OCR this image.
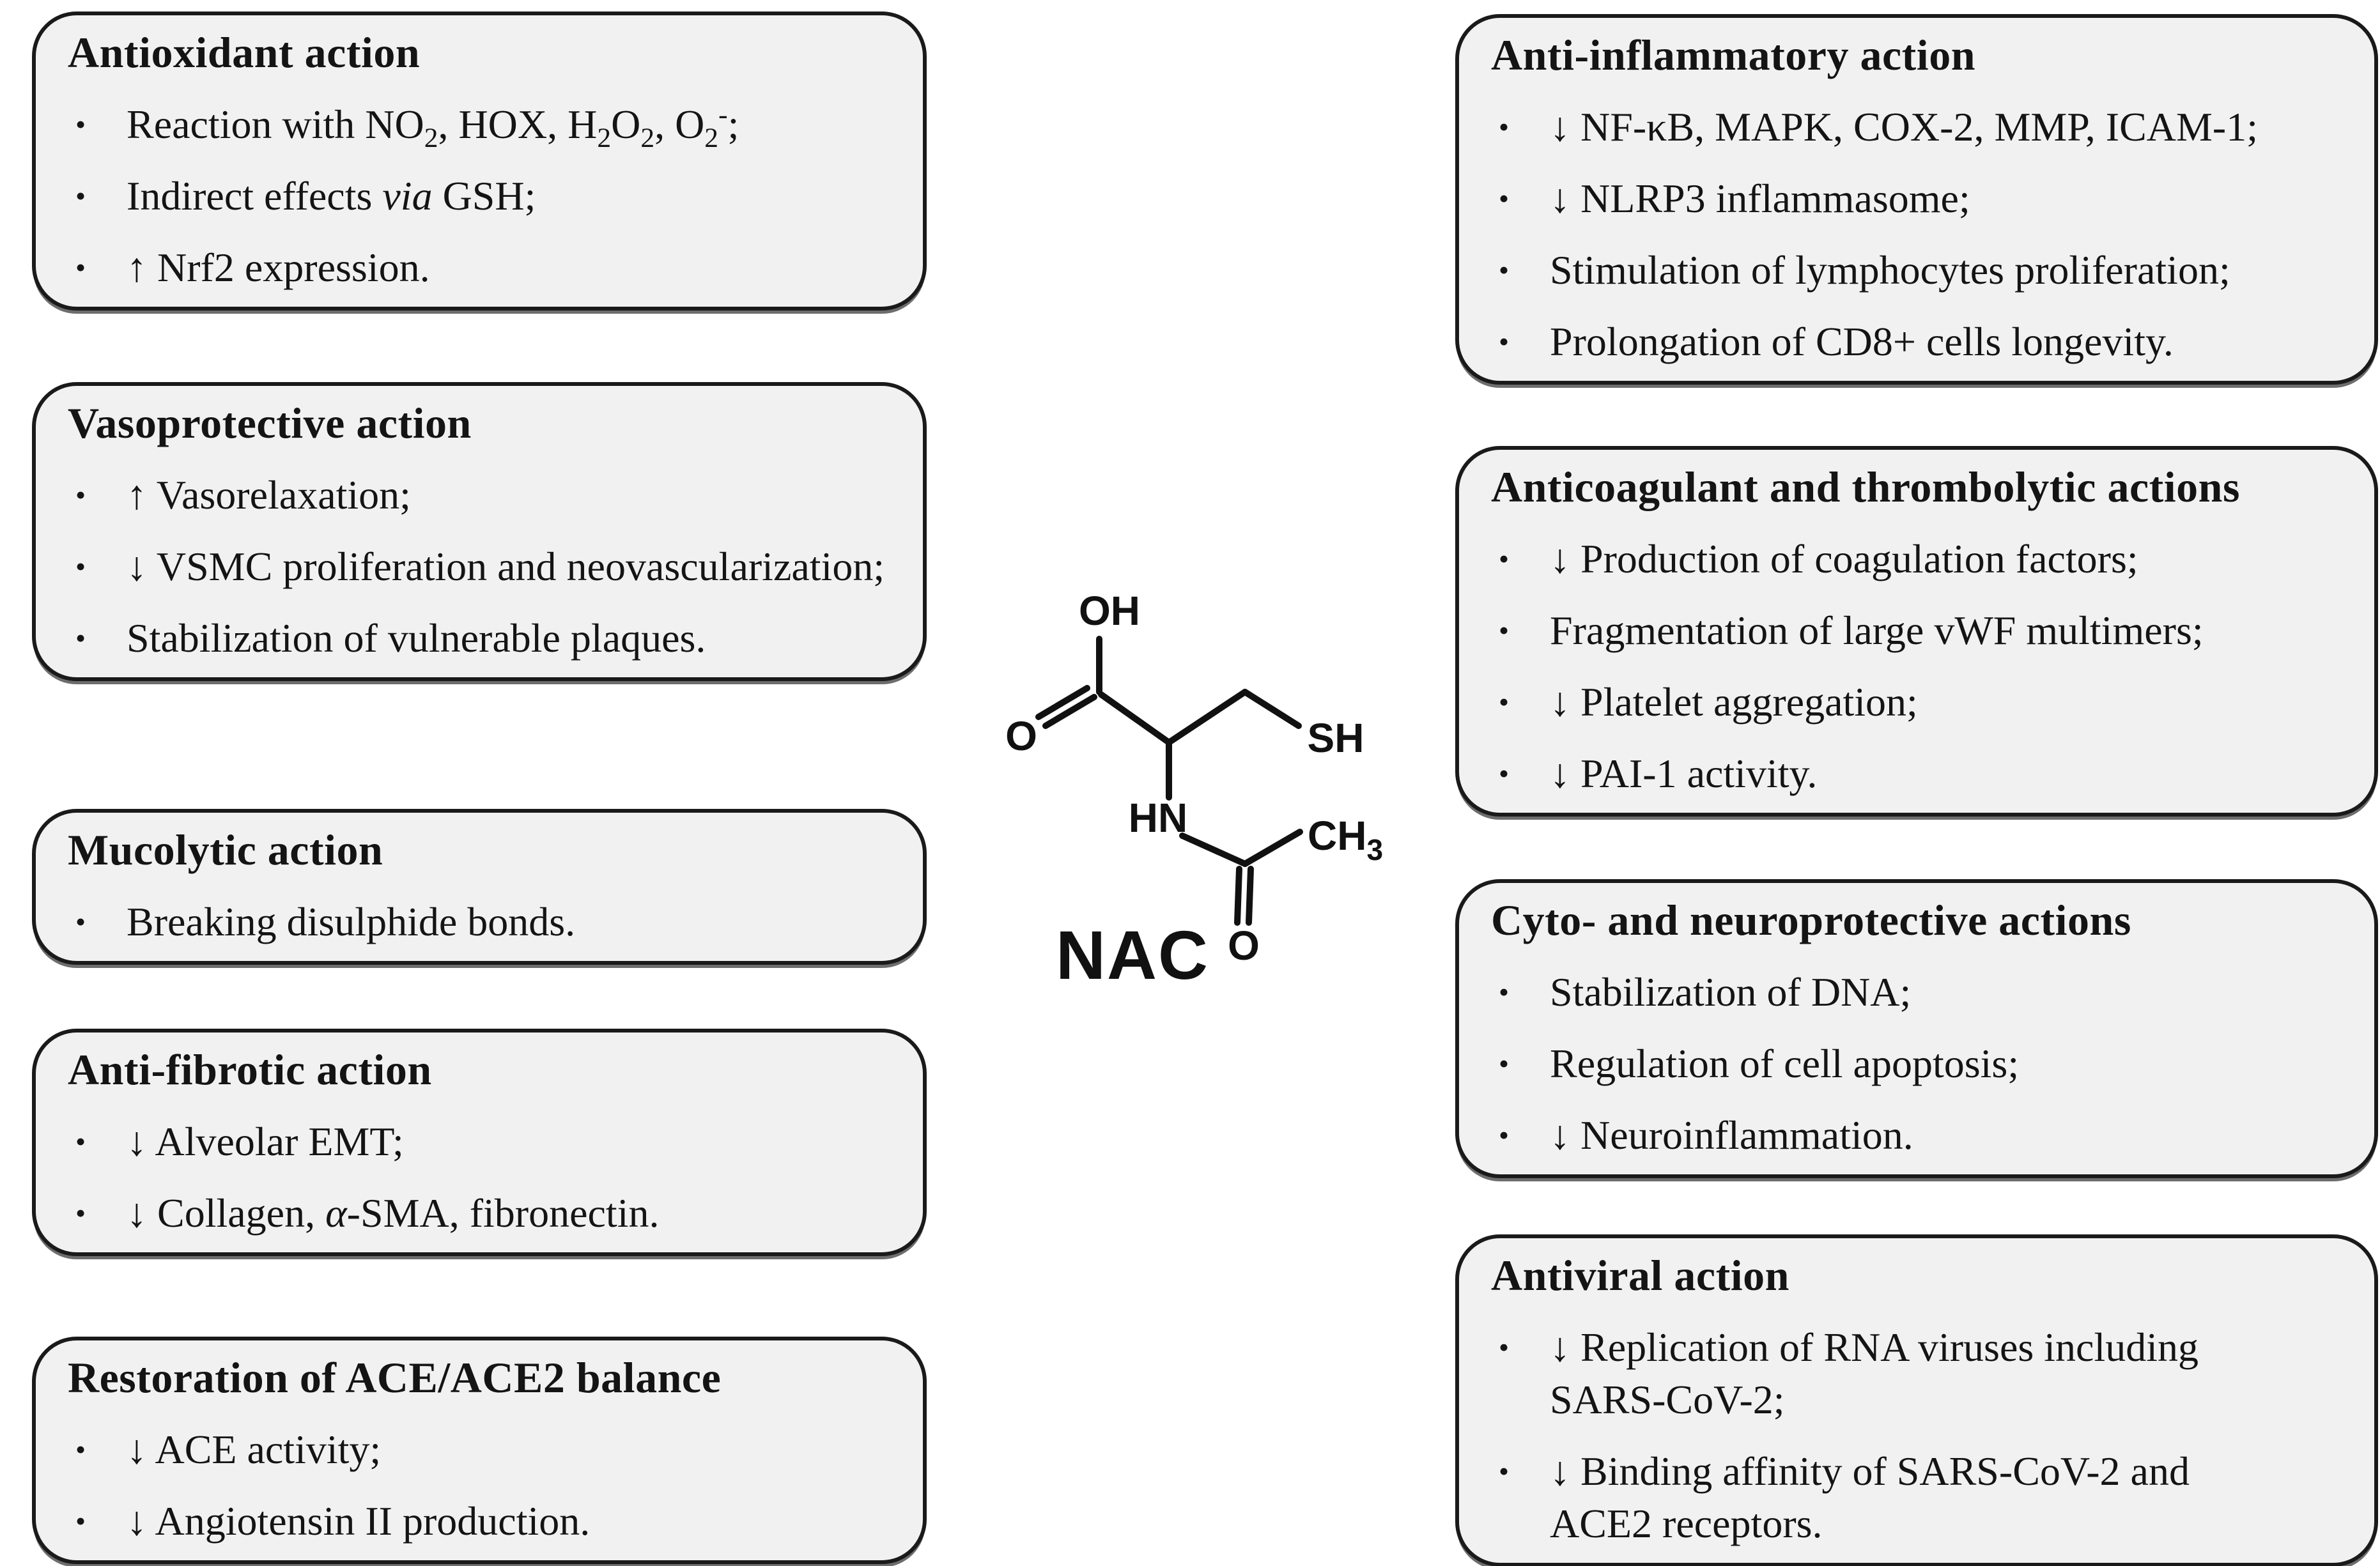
Antioxidant action
• Reaction with $NO_2$, HOX, $H_2O_2$, $O_2^-$;
• Indirect effects via GSH;
• ↑ Nrf2 expression.
Vasoprotective action
• ↑ Vasorelaxation;
• ↓ VSMC proliferation and neovascularization;
• Stabilization of vulnerable plaques.
Mucolytic action
• Breaking disulphide bonds.
Anti-fibrotic action
• ↓ Alveolar EMT;
• ↓ Collagen, α-SMA, fibronectin.
Restoration of ACE/ACE2 balance
• ↓ ACE activity;
• ↓ Angiotensin II production.
Anti-inflammatory action
• ↓ NF-κB, MAPK, COX-2, MMP, ICAM-1;
• ↓ NLRP3 inflammasome;
• Stimulation of lymphocytes proliferation;
• Prolongation of CD8+ cells longevity.
Anticoagulant and thrombolytic actions
• ↓ Production of coagulation factors;
• Fragmentation of large vWF multimers;
• ↓ Platelet aggregation;
• ↓ PAI-1 activity.
Cyto- and neuroprotective actions
• Stabilization of DNA;
• Regulation of cell apoptosis;
• ↓ Neuroinflammation.
Antiviral action
• ↓ Replication of RNA viruses including
SARS-CoV-2;
• ↓ Binding affinity of SARS-CoV-2 and
ACE2 receptors.
OH
O	SH
HN	$CH_3$
O
NAC
